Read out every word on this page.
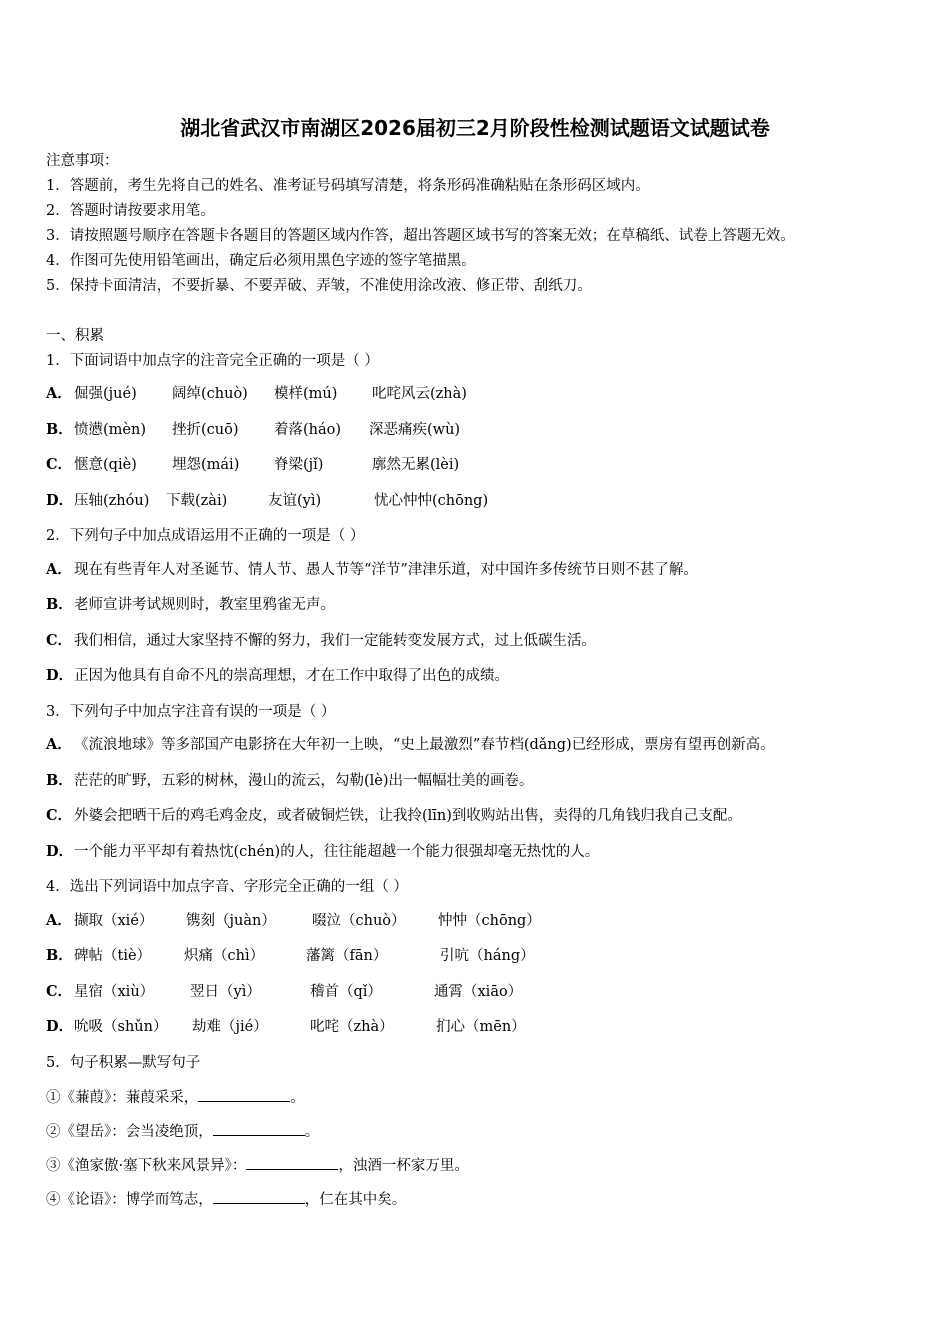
湖北省武汉市南湖区2026届初三2月阶段性检测试题语文试题试卷
注意事项：
1．答题前，考生先将自己的姓名、准考证号码填写清楚，将条形码准确粘贴在条形码区域内。
2．答题时请按要求用笔。
3．请按照题号顺序在答题卡各题目的答题区域内作答，超出答题区域书写的答案无效；在草稿纸、试卷上答题无效。
4．作图可先使用铅笔画出，确定后必须用黑色字迹的签字笔描黑。
5．保持卡面清洁，不要折暴、不要弄破、弄皱，不准使用涂改液、修正带、刮纸刀。
一、积累
1．下面词语中加点字的注音完全正确的一项是（ ）
A． 倔强(jué) 阔绰(chuò) 模样(mú) 叱咤风云(zhà)
B．愤懑(mèn) 挫折(cuō) 着落(háo) 深恶痛疾(wù)
C． 惬意(qiè) 埋怨(mái) 脊梁(jǐ)	廓然无累(lèi)
D．压轴(zhóu) 下载(zài)	友谊(yì)	忧心忡忡(chōng)
2．下列句子中加点成语运用不正确的一项是（ ）
A． 现在有些青年人对圣诞节、情人节、愚人节等“洋节”津津乐道，对中国许多传统节日则不甚了解。
B．老师宣讲考试规则时，教室里鸦雀无声。
C． 我们相信，通过大家坚持不懈的努力，我们一定能转变发展方式，过上低碳生活。
D．正因为他具有自命不凡的崇高理想，才在工作中取得了出色的成绩。
3．下列句子中加点字注音有误的一项是（ ）
A． 《流浪地球》等多部国产电影挤在大年初一上映，“史上最激烈”春节档(dǎng)已经形成，票房有望再创新高。
B．茫茫的旷野，五彩的树林，漫山的流云，勾勒(lè)出一幅幅壮美的画卷。
C． 外婆会把晒干后的鸡毛鸡金皮，或者破铜烂铁，让我拎(līn)到收购站出售，卖得的几角钱归我自己支配。
D．一个能力平平却有着热忱(chén)的人，往往能超越一个能力很强却毫无热忱的人。
4．选出下列词语中加点字音、字形完全正确的一组（ ）
A． 撷取（xié） 镌刻（juàn） 啜泣（chuò） 忡忡（chōng）
B．碑帖（tiè） 炽痛（chì）	藩篱（fān）	引吭（háng）
C． 星宿（xiù） 翌日（yì）	稽首（qǐ）	通霄（xiāo）
D．吮吸（shǔn） 劫难（jié）	叱咤（zhà）	扪心（mēn）
5．句子积累—默写句子
①《蒹葭》：蒹葭采采，	。
②《望岳》：会当凌绝顶，	。
③《渔家傲·塞下秋来风景异》：	，浊酒一杯家万里。
④《论语》：博学而笃志，	，仁在其中矣。
